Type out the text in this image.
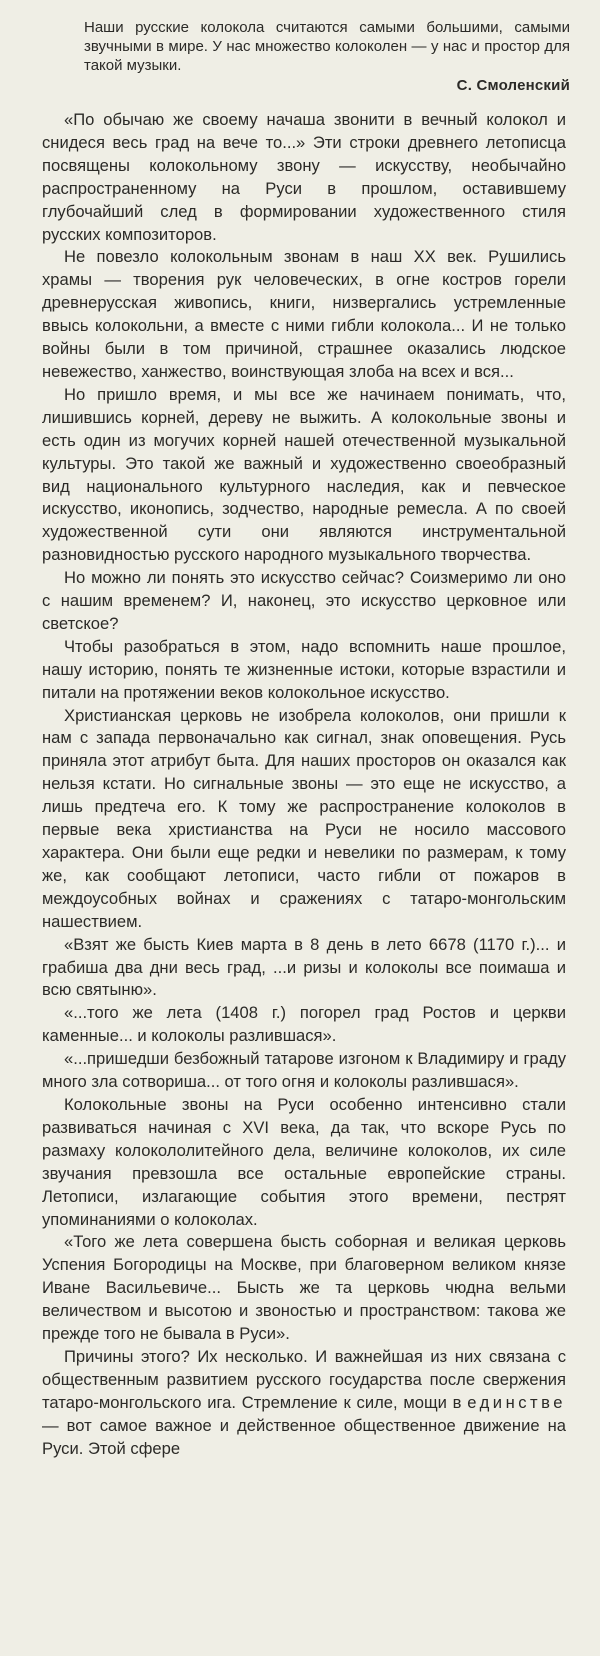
Наши русские колокола считаются самыми большими, самыми звучными в мире. У нас множество колоколен — у нас и простор для такой музыки.

С. Смоленский

«По обычаю же своему начаша звонити в вечный колокол и снидеся весь град на вече то...» Эти строки древнего летописца посвящены колокольному звону — искусству, необычайно распространенному на Руси в прошлом, оставившему глубочайший след в формировании художественного стиля русских композиторов.

Не повезло колокольным звонам в наш XX век. Рушились храмы — творения рук человеческих, в огне костров горели древнерусская живопись, книги, низвергались устремленные ввысь колокольни, а вместе с ними гибли колокола... И не только войны были в том причиной, страшнее оказались людское невежество, ханжество, воинствующая злоба на всех и вся...

Но пришло время, и мы все же начинаем понимать, что, лишившись корней, дереву не выжить. А колокольные звоны и есть один из могучих корней нашей отечественной музыкальной культуры. Это такой же важный и художественно своеобразный вид национального культурного наследия, как и певческое искусство, иконопись, зодчество, народные ремесла. А по своей художественной сути они являются инструментальной разновидностью русского народного музыкального творчества.

Но можно ли понять это искусство сейчас? Соизмеримо ли оно с нашим временем? И, наконец, это искусство церковное или светское?

Чтобы разобраться в этом, надо вспомнить наше прошлое, нашу историю, понять те жизненные истоки, которые взрастили и питали на протяжении веков колокольное искусство.

Христианская церковь не изобрела колоколов, они пришли к нам с запада первоначально как сигнал, знак оповещения. Русь приняла этот атрибут быта. Для наших просторов он оказался как нельзя кстати. Но сигнальные звоны — это еще не искусство, а лишь предтеча его. К тому же распространение колоколов в первые века христианства на Руси не носило массового характера. Они были еще редки и невелики по размерам, к тому же, как сообщают летописи, часто гибли от пожаров в междоусобных войнах и сражениях с татаро-монгольским нашествием.

«Взят же бысть Киев марта в 8 день в лето 6678 (1170 г.)... и грабиша два дни весь град, ...и ризы и колоколы все поимаша и всю святыню».

«...того же лета (1408 г.) погорел град Ростов и церкви каменные... и колоколы разлившася».

«...пришедши безбожный татарове изгоном к Владимиру и граду много зла сотвориша... от того огня и колоколы разлившася».

Колокольные звоны на Руси особенно интенсивно стали развиваться начиная с XVI века, да так, что вскоре Русь по размаху колокололитейного дела, величине колоколов, их силе звучания превзошла все остальные европейские страны. Летописи, излагающие события этого времени, пестрят упоминаниями о колоколах.

«Того же лета совершена бысть соборная и великая церковь Успения Богородицы на Москве, при благоверном великом князе Иване Васильевиче... Бысть же та церковь чюдна вельми величеством и высотою и звоностью и пространством: такова же прежде того не бывала в Руси».

Причины этого? Их несколько. И важнейшая из них связана с общественным развитием русского государства после свержения татаро-монгольского ига. Стремление к силе, мощи в единстве — вот самое важное и действенное общественное движение на Руси. Этой сфере
